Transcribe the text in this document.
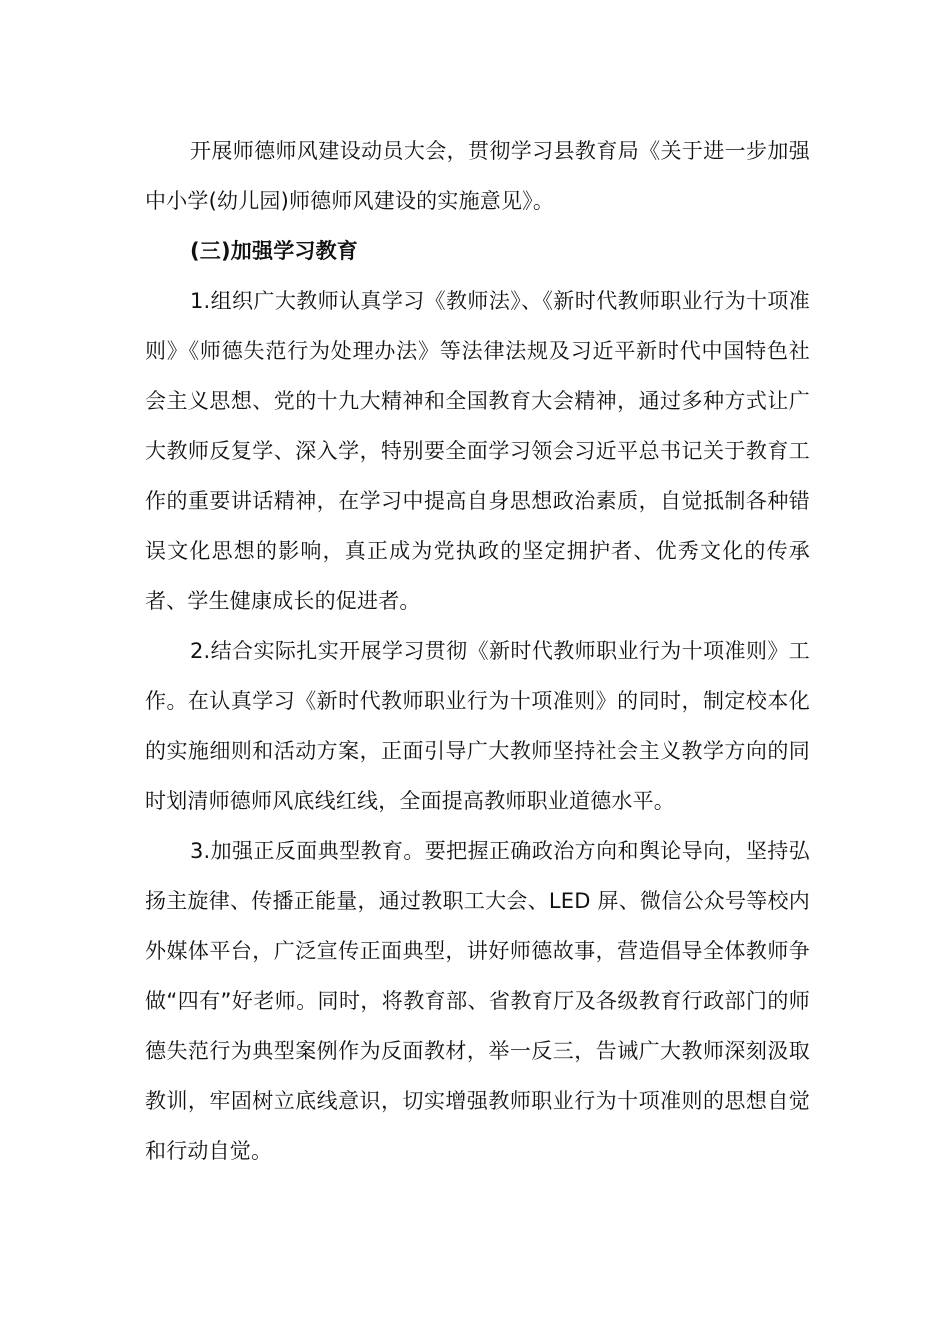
开展师德师风建设动员大会，贯彻学习县教育局《关于进一步加强中小学(幼儿园)师德师风建设的实施意见》。

(三)加强学习教育

1.组织广大教师认真学习《教师法》、《新时代教师职业行为十项准则》《师德失范行为处理办法》等法律法规及习近平新时代中国特色社会主义思想、党的十九大精神和全国教育大会精神，通过多种方式让广大教师反复学、深入学，特别要全面学习领会习近平总书记关于教育工作的重要讲话精神，在学习中提高自身思想政治素质，自觉抵制各种错误文化思想的影响，真正成为党执政的坚定拥护者、优秀文化的传承者、学生健康成长的促进者。

2.结合实际扎实开展学习贯彻《新时代教师职业行为十项准则》工作。在认真学习《新时代教师职业行为十项准则》的同时，制定校本化的实施细则和活动方案，正面引导广大教师坚持社会主义教学方向的同时划清师德师风底线红线，全面提高教师职业道德水平。

3.加强正反面典型教育。要把握正确政治方向和舆论导向，坚持弘扬主旋律、传播正能量，通过教职工大会、LED 屏、微信公众号等校内外媒体平台，广泛宣传正面典型，讲好师德故事，营造倡导全体教师争做“四有”好老师。同时，将教育部、省教育厅及各级教育行政部门的师德失范行为典型案例作为反面教材，举一反三，告诫广大教师深刻汲取教训，牢固树立底线意识，切实增强教师职业行为十项准则的思想自觉和行动自觉。
